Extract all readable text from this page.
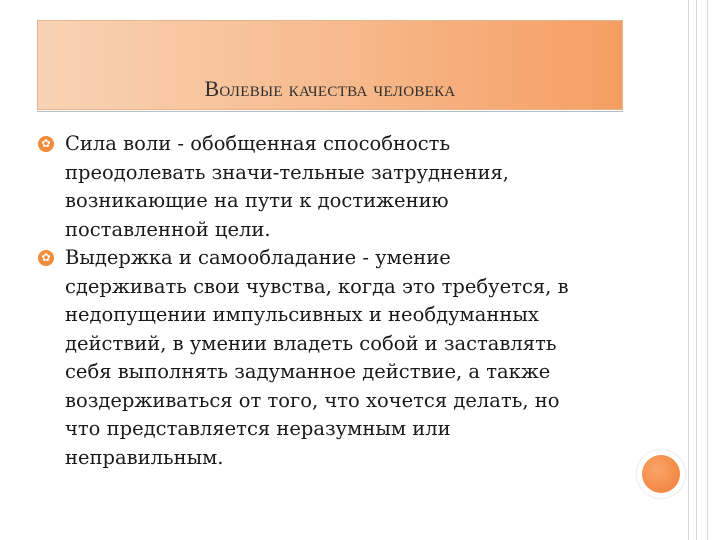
Волевые качества человека
✿ Сила воли - обобщенная способность
преодолевать значи-тельные затруднения,
возникающие на пути к достижению
поставленной цели.
✿ Выдержка и самообладание - умение
сдерживать свои чувства, когда это требуется, в
недопущении импульсивных и необдуманных
действий, в умении владеть собой и заставлять
себя выполнять задуманное действие, а также
воздерживаться от того, что хочется делать, но
что представляется неразумным или
неправильным.
